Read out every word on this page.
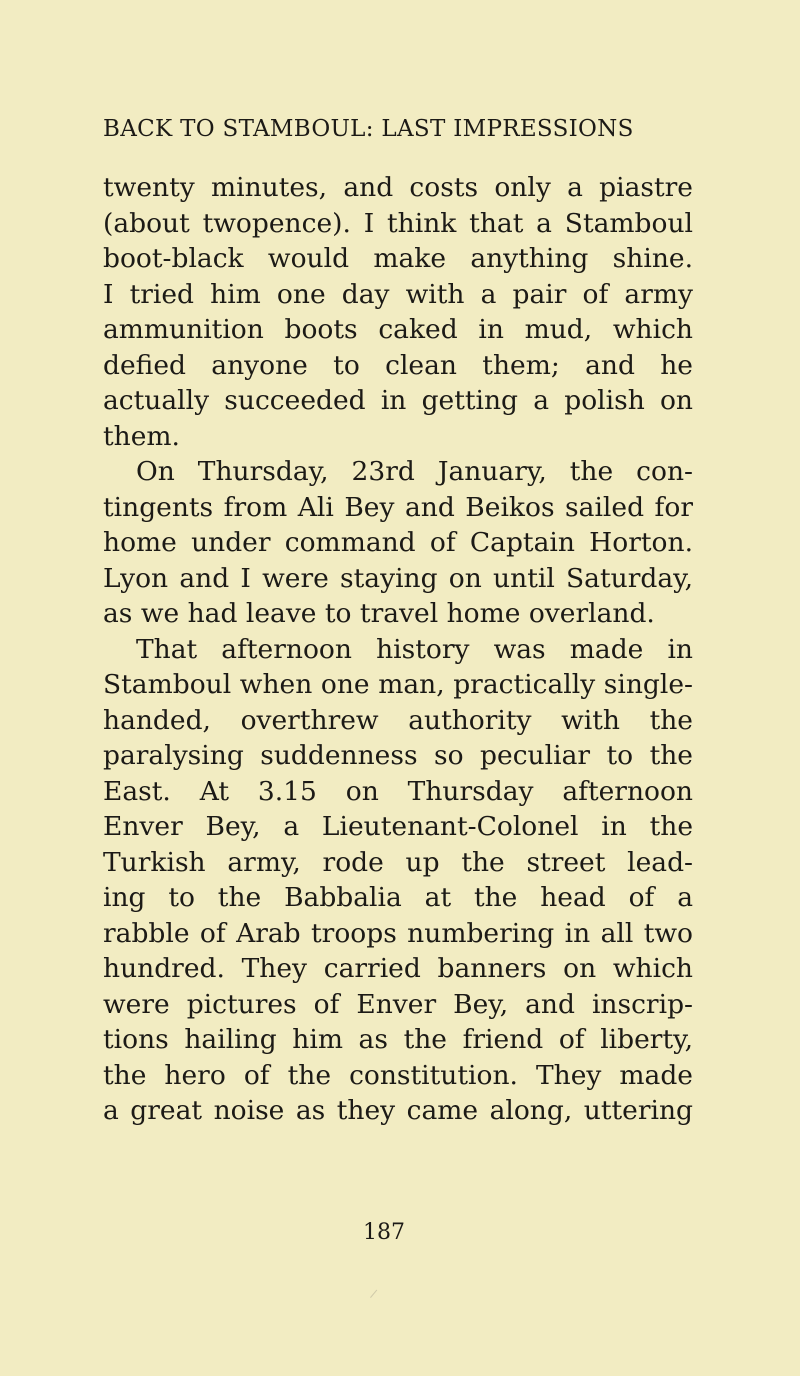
BACK TO STAMBOUL: LAST IMPRESSIONS
twenty minutes, and costs only a piastre
(about twopence). I think that a Stamboul
boot-black would make anything shine.
I tried him one day with a pair of army
ammunition boots caked in mud, which
defied anyone to clean them; and he
actually succeeded in getting a polish on
them.
On Thursday, 23rd January, the con-
tingents from Ali Bey and Beikos sailed for
home under command of Captain Horton.
Lyon and I were staying on until Saturday,
as we had leave to travel home overland.
That afternoon history was made in
Stamboul when one man, practically single-
handed, overthrew authority with the
paralysing suddenness so peculiar to the
East. At 3.15 on Thursday afternoon
Enver Bey, a Lieutenant-Colonel in the
Turkish army, rode up the street lead-
ing to the Babbalia at the head of a
rabble of Arab troops numbering in all two
hundred. They carried banners on which
were pictures of Enver Bey, and inscrip-
tions hailing him as the friend of liberty,
the hero of the constitution. They made
a great noise as they came along, uttering
187
